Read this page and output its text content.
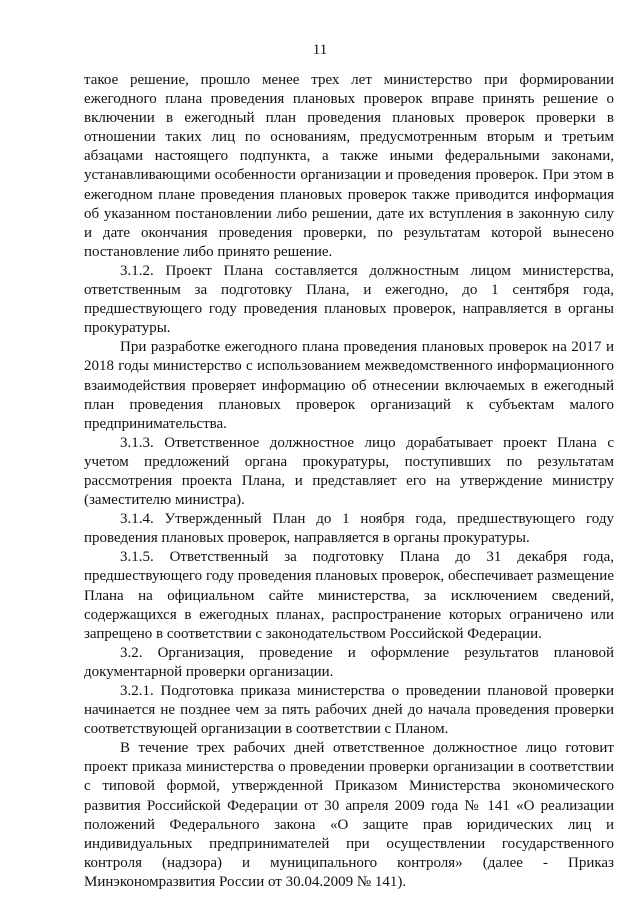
11

такое решение, прошло менее трех лет министерство при формировании ежегодного плана проведения плановых проверок вправе принять решение о включении в ежегодный план проведения плановых проверок проверки в отношении таких лиц по основаниям, предусмотренным вторым и третьим абзацами настоящего подпункта, а также иными федеральными законами, устанавливающими особенности организации и проведения проверок. При этом в ежегодном плане проведения плановых проверок также приводится информация об указанном постановлении либо решении, дате их вступления в законную силу и дате окончания проведения проверки, по результатам которой вынесено постановление либо принято решение.

3.1.2. Проект Плана составляется должностным лицом министерства, ответственным за подготовку Плана, и ежегодно, до 1 сентября года, предшествующего году проведения плановых проверок, направляется в органы прокуратуры.

При разработке ежегодного плана проведения плановых проверок на 2017 и 2018 годы министерство с использованием межведомственного информационного взаимодействия проверяет информацию об отнесении включаемых в ежегодный план проведения плановых проверок организаций к субъектам малого предпринимательства.

3.1.3. Ответственное должностное лицо дорабатывает проект Плана с учетом предложений органа прокуратуры, поступивших по результатам рассмотрения проекта Плана, и представляет его на утверждение министру (заместителю министра).

3.1.4. Утвержденный План до 1 ноября года, предшествующего году проведения плановых проверок, направляется в органы прокуратуры.

3.1.5. Ответственный за подготовку Плана до 31 декабря года, предшествующего году проведения плановых проверок, обеспечивает размещение Плана на официальном сайте министерства, за исключением сведений, содержащихся в ежегодных планах, распространение которых ограничено или запрещено в соответствии с законодательством Российской Федерации.

3.2. Организация, проведение и оформление результатов плановой документарной проверки организации.

3.2.1. Подготовка приказа министерства о проведении плановой проверки начинается не позднее чем за пять рабочих дней до начала проведения проверки соответствующей организации в соответствии с Планом.

В течение трех рабочих дней ответственное должностное лицо готовит проект приказа министерства о проведении проверки организации в соответствии с типовой формой, утвержденной Приказом Министерства экономического развития Российской Федерации от 30 апреля 2009 года № 141 «О реализации положений Федерального закона «О защите прав юридических лиц и индивидуальных предпринимателей при осуществлении государственного контроля (надзора) и муниципального контроля» (далее - Приказ Минэкономразвития России от 30.04.2009 № 141).
